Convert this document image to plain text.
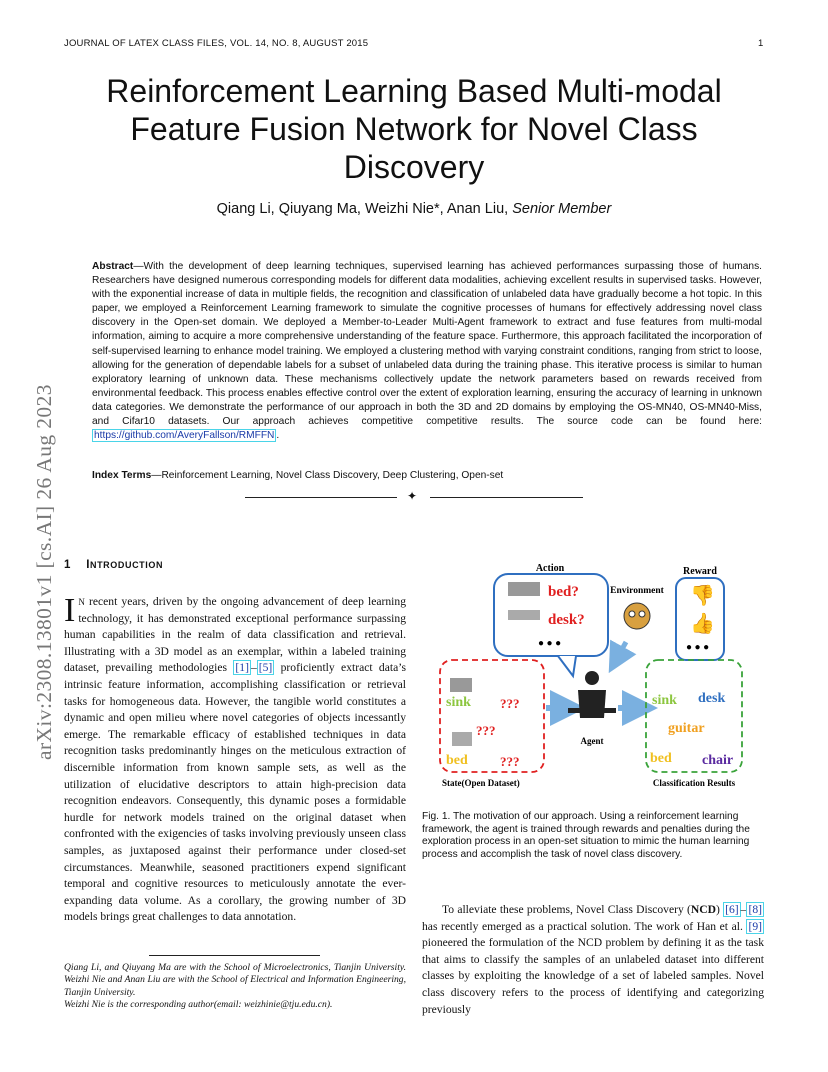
JOURNAL OF LATEX CLASS FILES, VOL. 14, NO. 8, AUGUST 2015	1
arXiv:2308.13801v1 [cs.AI] 26 Aug 2023
Reinforcement Learning Based Multi-modal Feature Fusion Network for Novel Class Discovery
Qiang Li, Qiuyang Ma, Weizhi Nie*, Anan Liu, Senior Member
Abstract—With the development of deep learning techniques, supervised learning has achieved performances surpassing those of humans. Researchers have designed numerous corresponding models for different data modalities, achieving excellent results in supervised tasks. However, with the exponential increase of data in multiple fields, the recognition and classification of unlabeled data have gradually become a hot topic. In this paper, we employed a Reinforcement Learning framework to simulate the cognitive processes of humans for effectively addressing novel class discovery in the Open-set domain. We deployed a Member-to-Leader Multi-Agent framework to extract and fuse features from multi-modal information, aiming to acquire a more comprehensive understanding of the feature space. Furthermore, this approach facilitated the incorporation of self-supervised learning to enhance model training. We employed a clustering method with varying constraint conditions, ranging from strict to loose, allowing for the generation of dependable labels for a subset of unlabeled data during the training phase. This iterative process is similar to human exploratory learning of unknown data. These mechanisms collectively update the network parameters based on rewards received from environmental feedback. This process enables effective control over the extent of exploration learning, ensuring the accuracy of learning in unknown data categories. We demonstrate the performance of our approach in both the 3D and 2D domains by employing the OS-MN40, OS-MN40-Miss, and Cifar10 datasets. Our approach achieves competitive competitive results. The source code can be found here: https://github.com/AveryFallson/RMFFN .
Index Terms—Reinforcement Learning, Novel Class Discovery, Deep Clustering, Open-set
✦
1 INTRODUCTION
I N recent years, driven by the ongoing advancement of deep learning technology, it has demonstrated exceptional performance surpassing human capabilities in the realm of data classification and retrieval. Illustrating with a 3D model as an exemplar, within a labeled training dataset, prevailing methodologies [1] – [5] proficiently extract data’s intrinsic feature information, accomplishing classification or retrieval tasks for homogeneous data. However, the tangible world constitutes a dynamic and open milieu where novel categories of objects incessantly emerge. The remarkable efficacy of established techniques in data recognition tasks predominantly hinges on the meticulous extraction of discernible information from known sample sets, as well as the utilization of elucidative descriptors to attain high-precision data recognition endeavors. Consequently, this dynamic poses a formidable hurdle for network models trained on the original dataset when confronted with the exigencies of tasks involving previously unseen class samples, as juxtaposed against their performance under closed-set circumstances. Meanwhile, seasoned practitioners expend significant temporal and cognitive resources to meticulously annotate the ever-expanding data volume. As a corollary, the growing number of 3D models brings great challenges to data annotation.
Qiang Li, and Qiuyang Ma are with the School of Microelectronics, Tianjin University. Weizhi Nie and Anan Liu are with the School of Electrical and Information Engineering, Tianjin University.
Weizhi Nie is the corresponding author(email: weizhinie@tju.edu.cn).
Action
bed?
desk?
● ● ●
Environment
Reward
👎
👍
● ● ●
sink ???
???
bed ???
State(Open Dataset)
Agent
sink desk
guitar
bed chair
Classification Results
Fig. 1. The motivation of our approach. Using a reinforcement learning framework, the agent is trained through rewards and penalties during the exploration process in an open-set situation to mimic the human learning process and accomplish the task of novel class discovery.
To alleviate these problems, Novel Class Discovery (NCD) [6] – [8] has recently emerged as a practical solution. The work of Han et al. [9] pioneered the formulation of the NCD problem by defining it as the task that aims to classify the samples of an unlabeled dataset into different classes by exploiting the knowledge of a set of labeled samples. Novel class discovery refers to the process of identifying and categorizing previously
